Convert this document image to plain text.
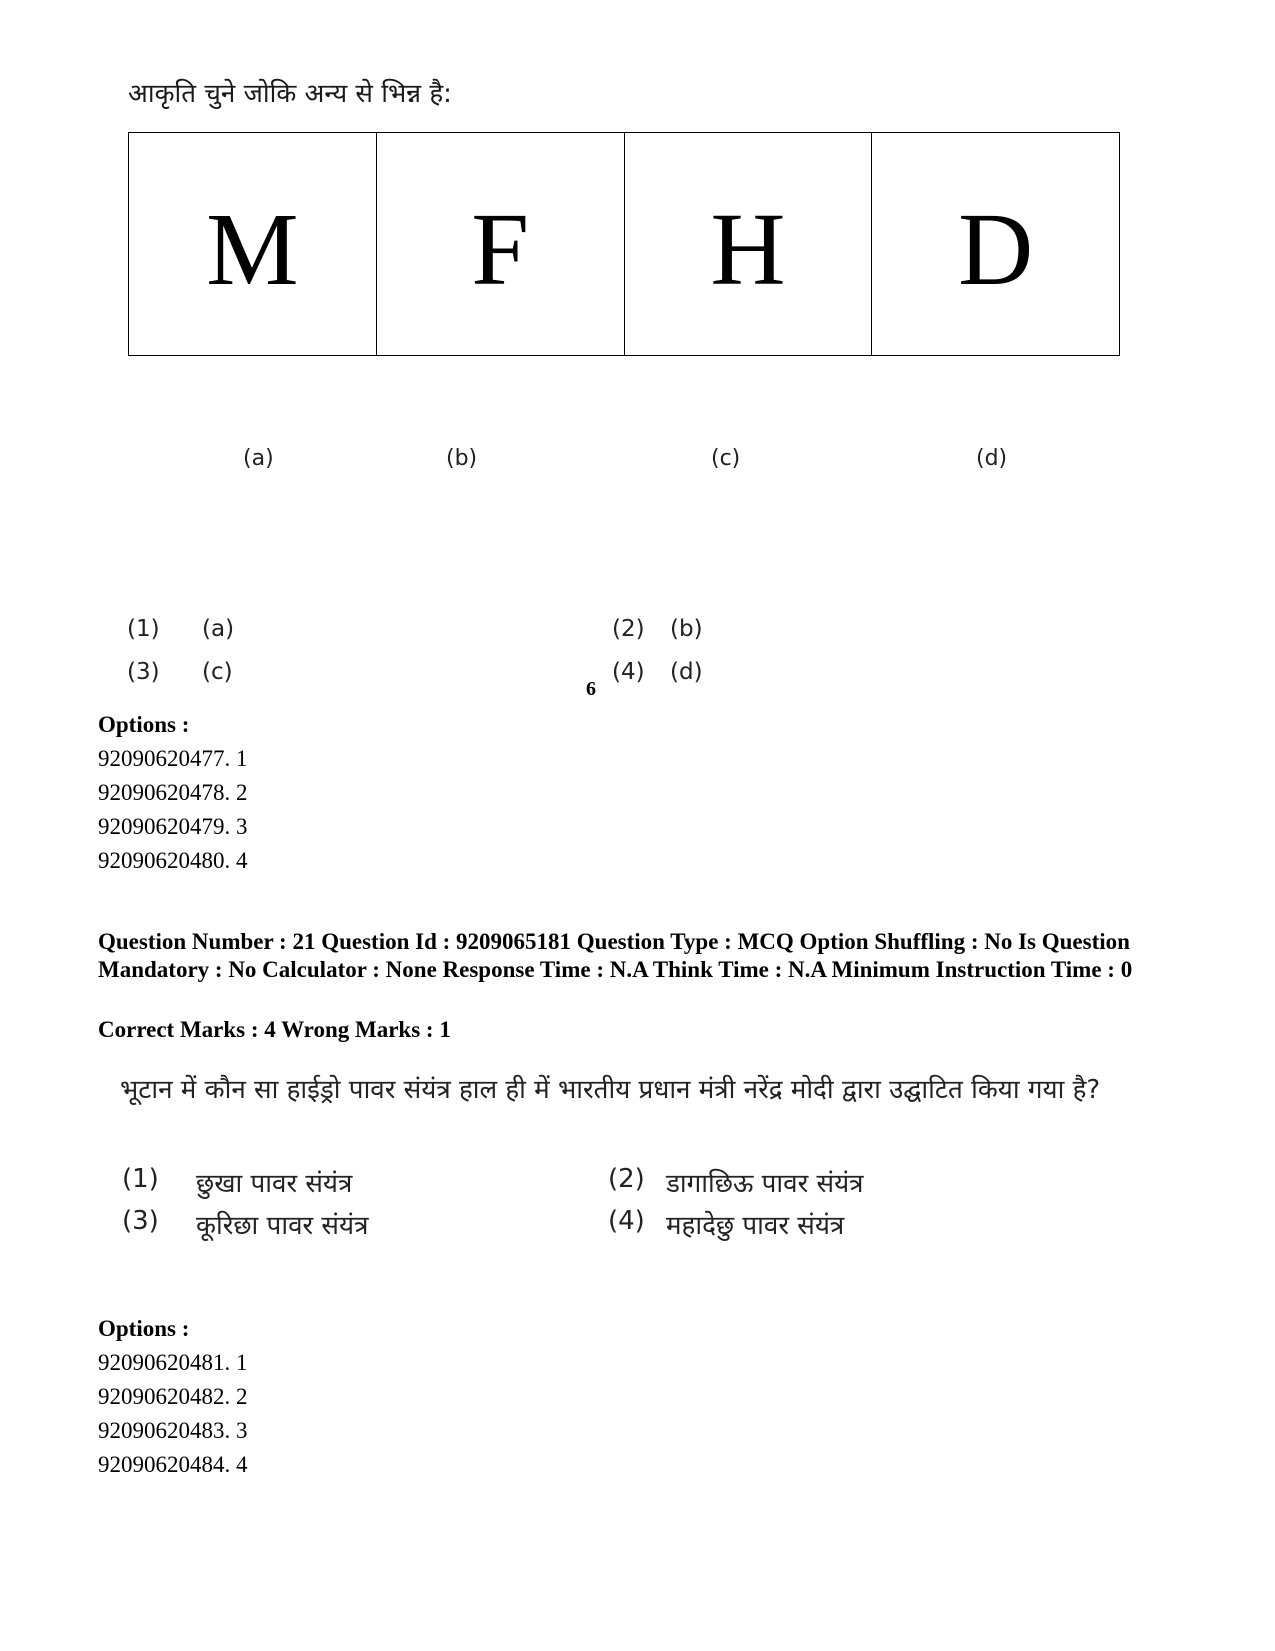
आकृति चुने जोकि अन्य से भिन्न है:
M	F	H	D
(a)	(b)	(c)	(d)
(1) (a)	(2) (b)
(3) (c)	(4) (d)
6
Options :
92090620477. 1
92090620478. 2
92090620479. 3
92090620480. 4
Question Number : 21 Question Id : 9209065181 Question Type : MCQ Option Shuffling : No Is Question Mandatory : No Calculator : None Response Time : N.A Think Time : N.A Minimum Instruction Time : 0
Correct Marks : 4 Wrong Marks : 1
भूटान में कौन सा हाईड्रो पावर संयंत्र हाल ही में भारतीय प्रधान मंत्री नरेंद्र मोदी द्वारा उद्घाटित किया गया है?
(1) छुखा पावर संयंत्र	(2) डागाछिऊ पावर संयंत्र
(3) कूरिछा पावर संयंत्र	(4) महादेछु पावर संयंत्र
Options :
92090620481. 1
92090620482. 2
92090620483. 3
92090620484. 4
